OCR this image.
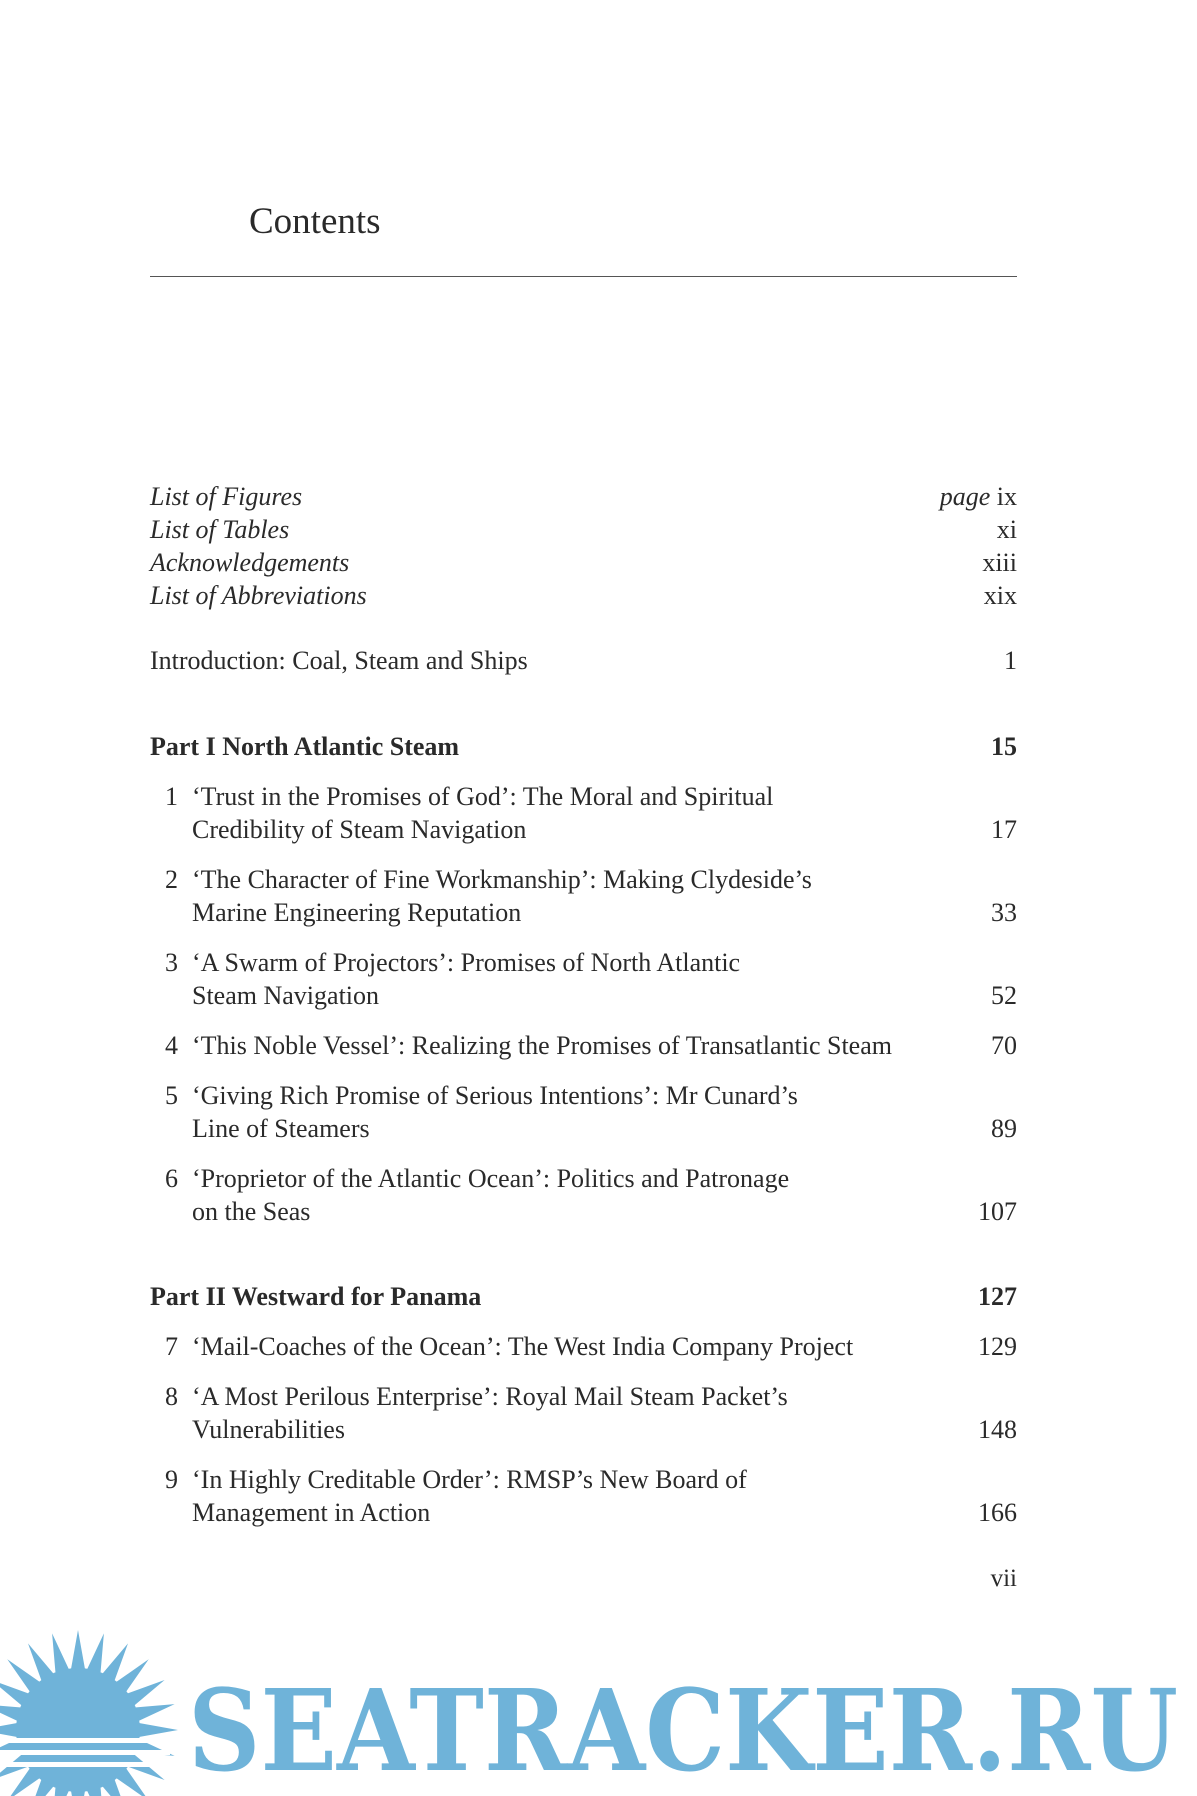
Contents
List of Figures	page ix
List of Tables	xi
Acknowledgements	xiii
List of Abbreviations	xix
Introduction: Coal, Steam and Ships	1
Part I North Atlantic Steam	15
1 ‘Trust in the Promises of God’: The Moral and Spiritual
Credibility of Steam Navigation	17
2 ‘The Character of Fine Workmanship’: Making Clydeside’s
Marine Engineering Reputation	33
3 ‘A Swarm of Projectors’: Promises of North Atlantic
Steam Navigation	52
4 ‘This Noble Vessel’: Realizing the Promises of Transatlantic Steam	70
5 ‘Giving Rich Promise of Serious Intentions’: Mr Cunard’s
Line of Steamers	89
6 ‘Proprietor of the Atlantic Ocean’: Politics and Patronage
on the Seas	107
Part II Westward for Panama	127
7 ‘Mail-Coaches of the Ocean’: The West India Company Project	129
8 ‘A Most Perilous Enterprise’: Royal Mail Steam Packet’s
Vulnerabilities	148
9 ‘In Highly Creditable Order’: RMSP’s New Board of
Management in Action	166
vii
SEATRACKER.RU
